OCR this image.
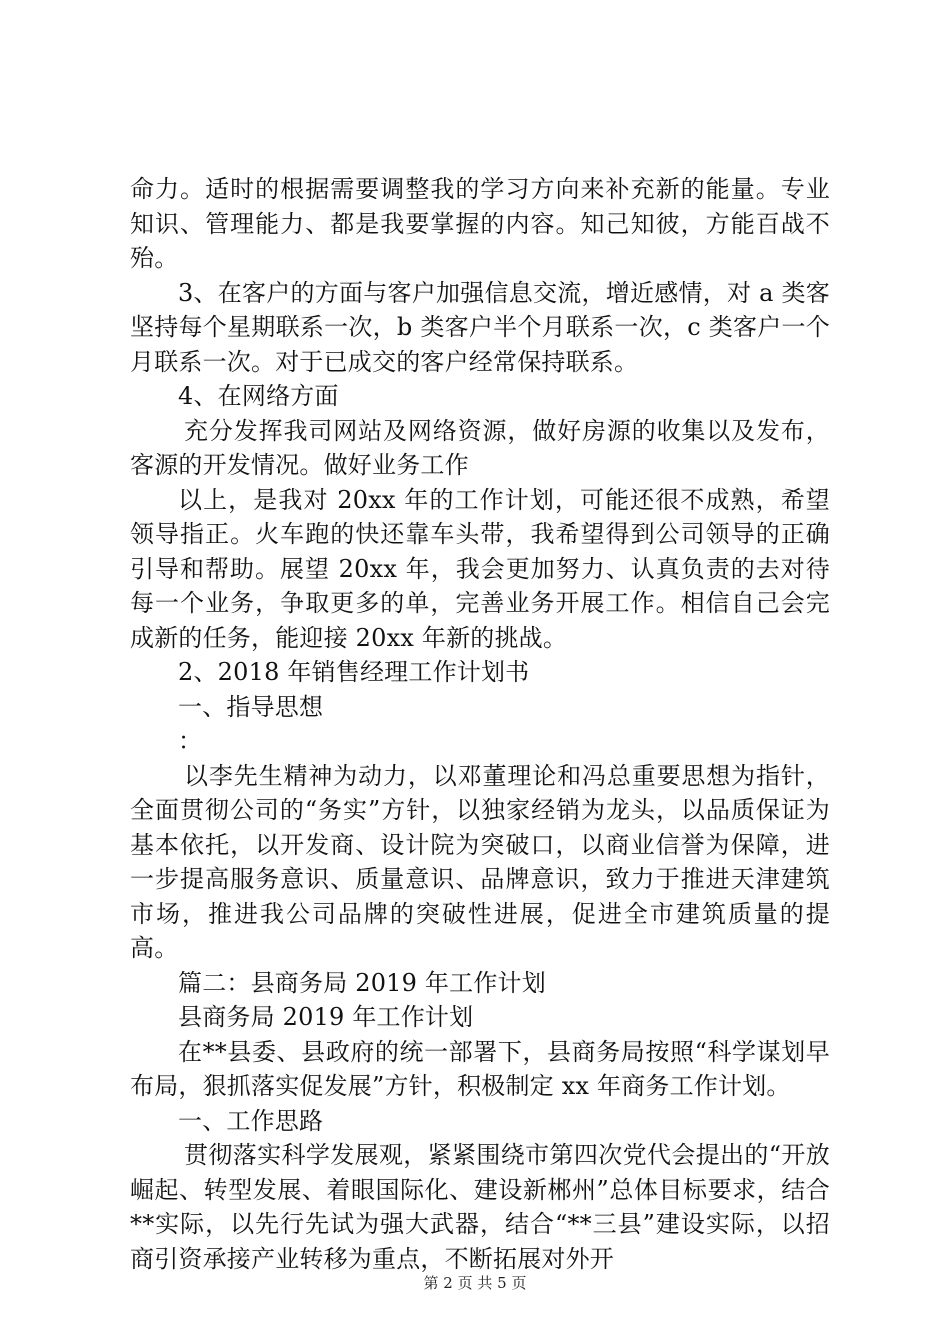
命力。适时的根据需要调整我的学习方向来补充新的能量。专业知识、管理能力、都是我要掌握的内容。知己知彼，方能百战不殆。

3、在客户的方面与客户加强信息交流，增近感情，对 a 类客坚持每个星期联系一次，b 类客户半个月联系一次，c 类客户一个月联系一次。对于已成交的客户经常保持联系。

4、在网络方面

充分发挥我司网站及网络资源，做好房源的收集以及发布，客源的开发情况。做好业务工作

以上，是我对 20xx 年的工作计划，可能还很不成熟，希望领导指正。火车跑的快还靠车头带，我希望得到公司领导的正确引导和帮助。展望 20xx 年，我会更加努力、认真负责的去对待每一个业务，争取更多的单，完善业务开展工作。相信自己会完成新的任务，能迎接 20xx 年新的挑战。

2、2018 年销售经理工作计划书

一、指导思想

：

以李先生精神为动力，以邓董理论和冯总重要思想为指针，全面贯彻公司的“务实”方针，以独家经销为龙头，以品质保证为基本依托，以开发商、设计院为突破口，以商业信誉为保障，进一步提高服务意识、质量意识、品牌意识，致力于推进天津建筑市场，推进我公司品牌的突破性进展，促进全市建筑质量的提高。

篇二：县商务局 2019 年工作计划

县商务局 2019 年工作计划

在**县委、县政府的统一部署下，县商务局按照“科学谋划早布局，狠抓落实促发展”方针，积极制定 xx 年商务工作计划。

一、工作思路

贯彻落实科学发展观，紧紧围绕市第四次党代会提出的“开放崛起、转型发展、着眼国际化、建设新郴州”总体目标要求，结合**实际，以先行先试为强大武器，结合“**三县”建设实际，以招商引资承接产业转移为重点，不断拓展对外开

第 2 页 共 5 页
